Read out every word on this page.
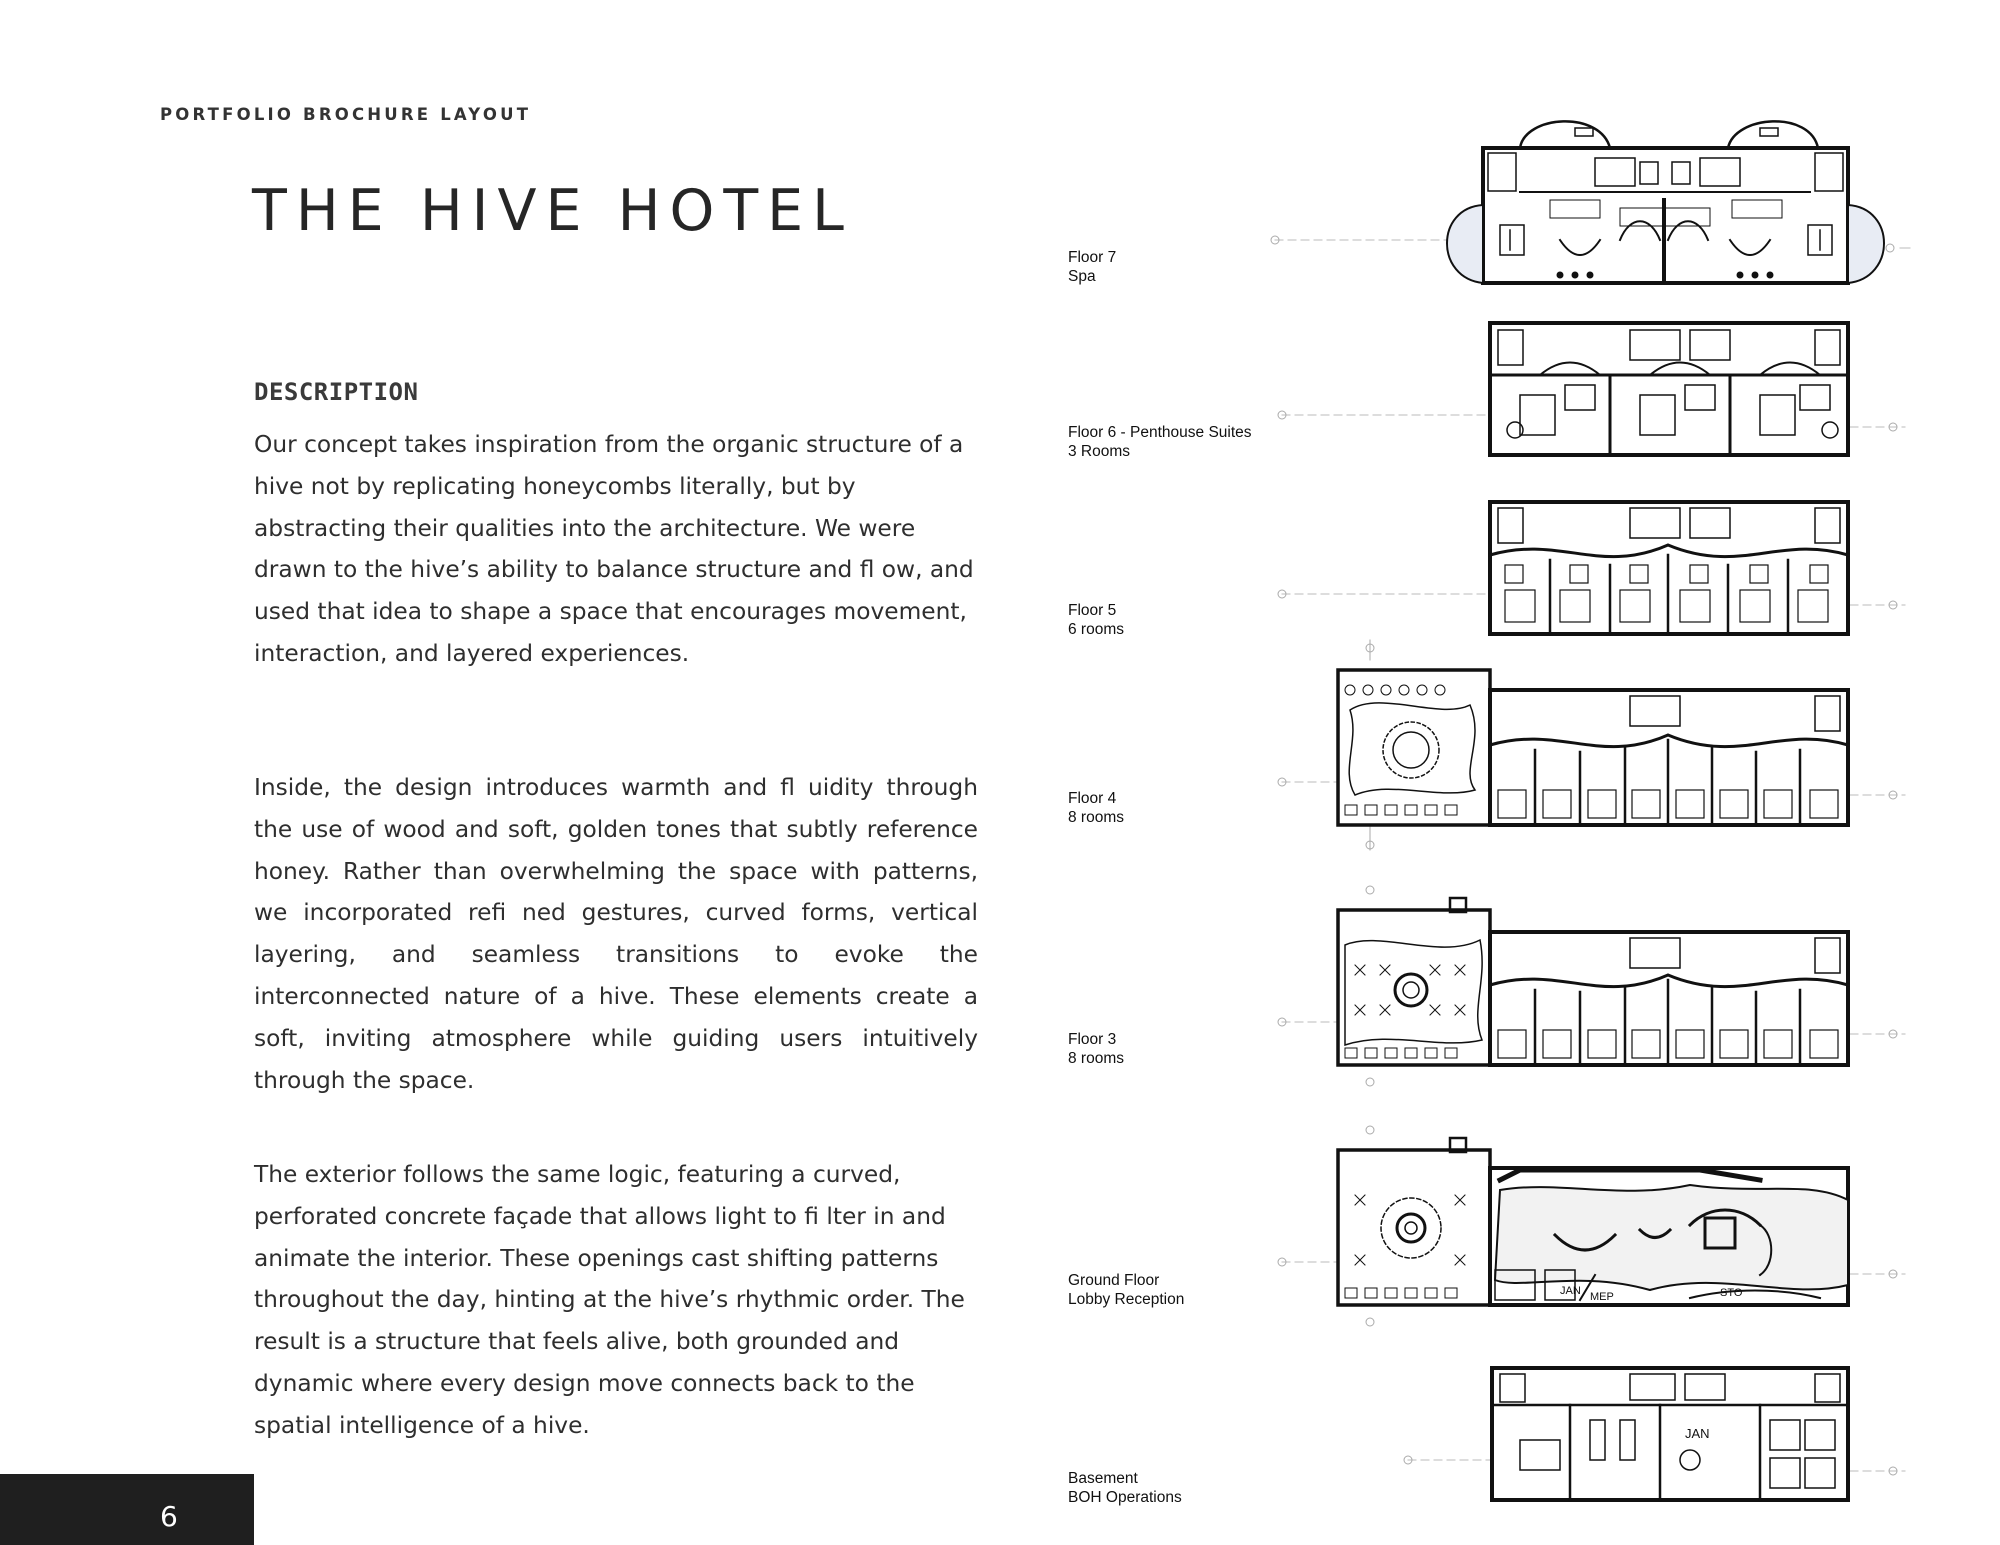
PORTFOLIO BROCHURE LAYOUT
THE HIVE HOTEL
DESCRIPTION

Our concept takes inspiration from the organic structure of a hive not by replicating honeycombs literally, but by abstracting their qualities into the architecture. We were drawn to the hive’s ability to balance structure and fl ow, and used that idea to shape a space that encourages movement, interaction, and layered experiences.

Inside, the design introduces warmth and fl uidity through the use of wood and soft, golden tones that subtly reference honey. Rather than overwhelming the space with patterns, we incorporated refi ned gestures, curved forms, vertical layering, and seamless transitions to evoke the interconnected nature of a hive. These elements create a soft, inviting atmosphere while guiding users intuitively through the space.

The exterior follows the same logic, featuring a curved, perforated concrete façade that allows light to fi lter in and animate the interior. These openings cast shifting patterns throughout the day, hinting at the hive’s rhythmic order. The result is a structure that feels alive, both grounded and dynamic where every design move connects back to the spatial intelligence of a hive.

Floor 7
Spa
Floor 6 - Penthouse Suites
3 Rooms
Floor 5
6 rooms
Floor 4
8 rooms
Floor 3
8 rooms
Ground Floor
Lobby Reception
Basement
BOH Operations
JAN MEP	STO
JAN
6
